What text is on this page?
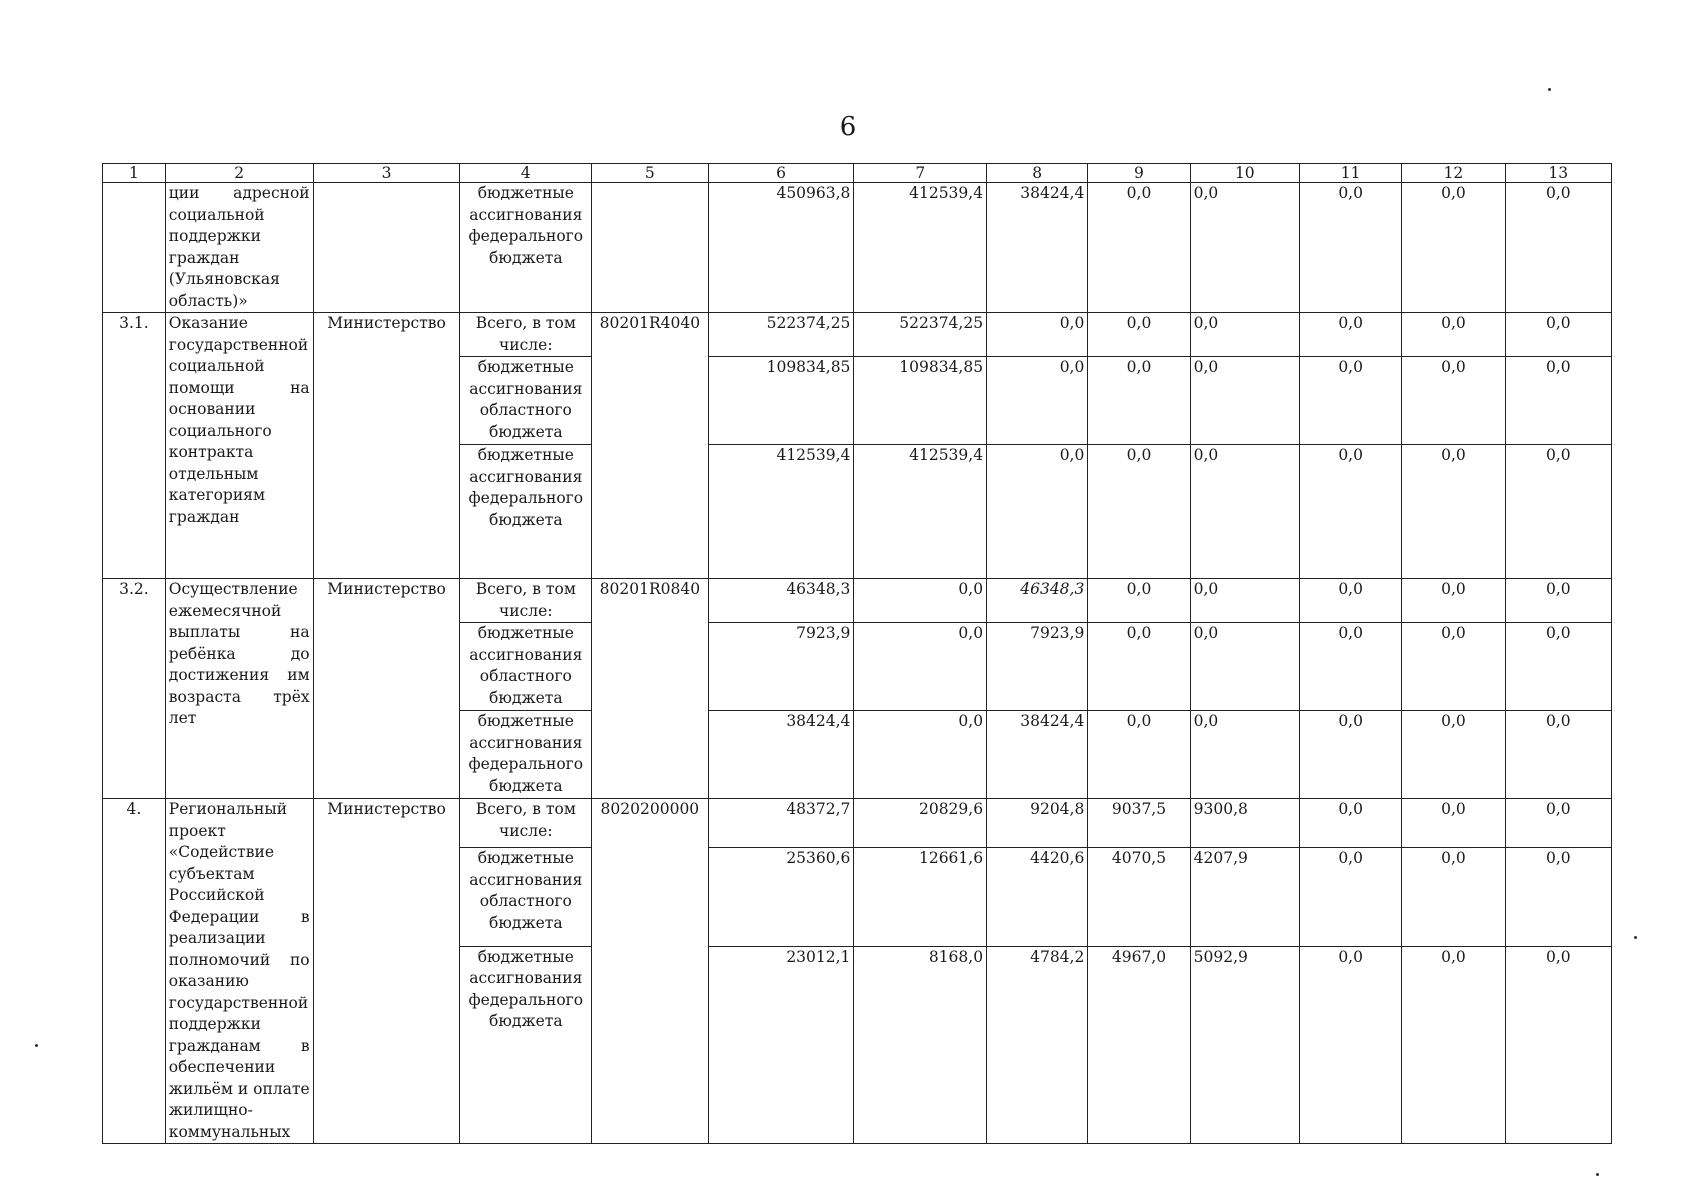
6
1	2	3	4	5	6	7	8	9	10	11	12	13
	ции адресной социальной поддержки граждан (Ульяновская область)»		бюджетные ассигнования федерального бюджета		450963,8	412539,4	38424,4	0,0	0,0	0,0	0,0	0,0
3.1.	Оказание государственной социальной помощи на основании социального контракта отдельным категориям граждан	Министерство	Всего, в том числе:	80201R4040	522374,25	522374,25	0,0	0,0	0,0	0,0	0,0	0,0
			бюджетные ассигнования областного бюджета		109834,85	109834,85	0,0	0,0	0,0	0,0	0,0	0,0
			бюджетные ассигнования федерального бюджета		412539,4	412539,4	0,0	0,0	0,0	0,0	0,0	0,0
3.2.	Осуществление ежемесячной выплаты на ребёнка до достижения им возраста трёх лет	Министерство	Всего, в том числе:	80201R0840	46348,3	0,0	46348,3	0,0	0,0	0,0	0,0	0,0
			бюджетные ассигнования областного бюджета		7923,9	0,0	7923,9	0,0	0,0	0,0	0,0	0,0
			бюджетные ассигнования федерального бюджета		38424,4	0,0	38424,4	0,0	0,0	0,0	0,0	0,0
4.	Региональный проект «Содействие субъектам Российской Федерации в реализации полномочий по оказанию государственной поддержки гражданам в обеспечении жильём и оплате жилищно-коммунальных	Министерство	Всего, в том числе:	8020200000	48372,7	20829,6	9204,8	9037,5	9300,8	0,0	0,0	0,0
			бюджетные ассигнования областного бюджета		25360,6	12661,6	4420,6	4070,5	4207,9	0,0	0,0	0,0
			бюджетные ассигнования федерального бюджета		23012,1	8168,0	4784,2	4967,0	5092,9	0,0	0,0	0,0
